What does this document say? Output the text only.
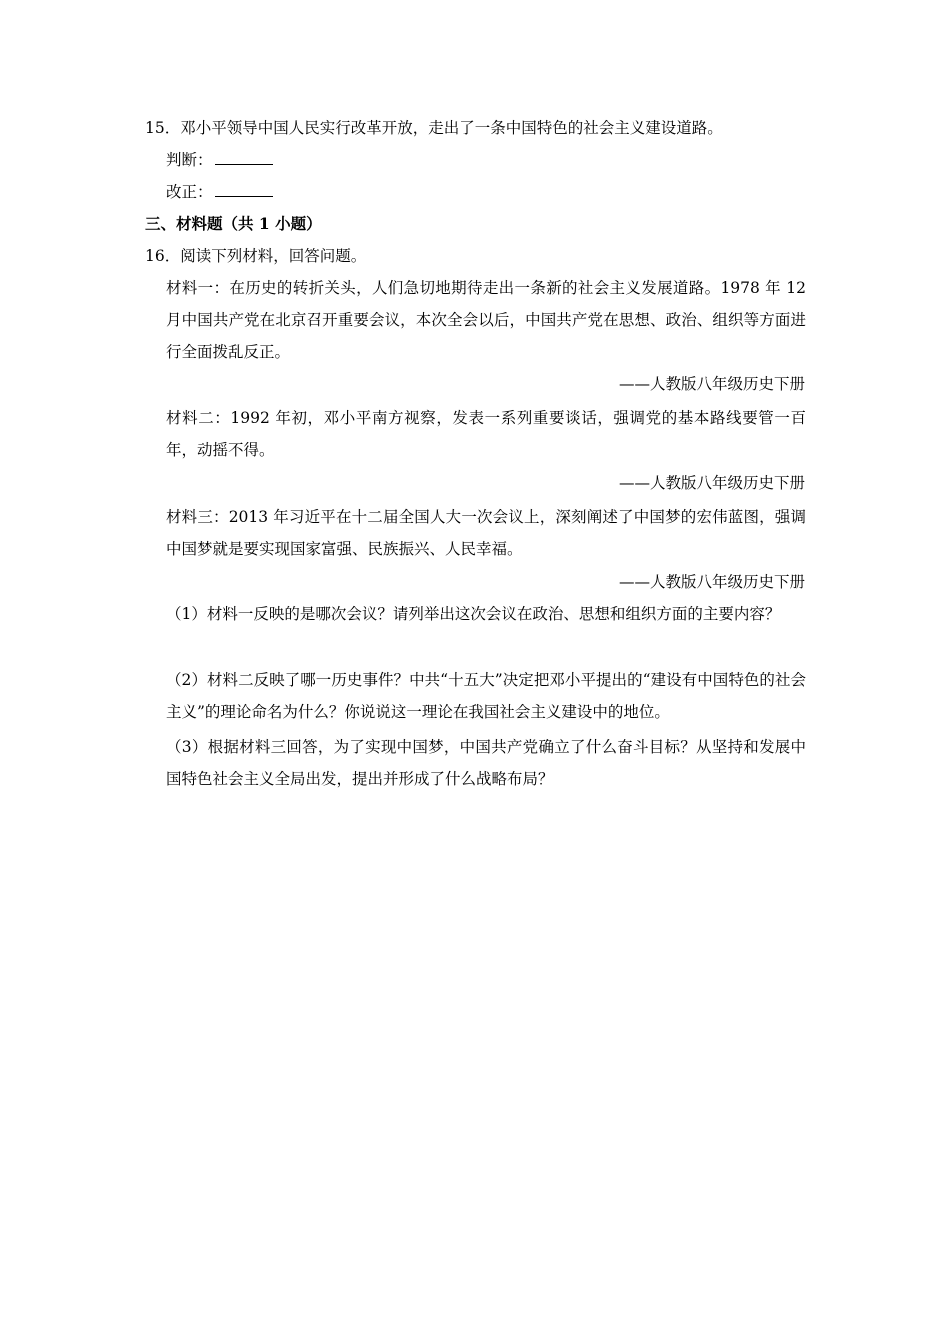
15．邓小平领导中国人民实行改革开放，走出了一条中国特色的社会主义建设道路。
判断：
改正：
三、材料题（共 1 小题）
16．阅读下列材料，回答问题。
材料一：在历史的转折关头，人们急切地期待走出一条新的社会主义发展道路。1978 年 12 月中国共产党在北京召开重要会议，本次全会以后，中国共产党在思想、政治、组织等方面进行全面拨乱反正。
——人教版八年级历史下册
材料二：1992 年初，邓小平南方视察，发表一系列重要谈话，强调党的基本路线要管一百年，动摇不得。
——人教版八年级历史下册
材料三：2013 年习近平在十二届全国人大一次会议上，深刻阐述了中国梦的宏伟蓝图，强调中国梦就是要实现国家富强、民族振兴、人民幸福。
——人教版八年级历史下册
（1）材料一反映的是哪次会议？请列举出这次会议在政治、思想和组织方面的主要内容？
（2）材料二反映了哪一历史事件？中共“十五大”决定把邓小平提出的“建设有中国特色的社会主义”的理论命名为什么？你说说这一理论在我国社会主义建设中的地位。
（3）根据材料三回答，为了实现中国梦，中国共产党确立了什么奋斗目标？从坚持和发展中国特色社会主义全局出发，提出并形成了什么战略布局？
